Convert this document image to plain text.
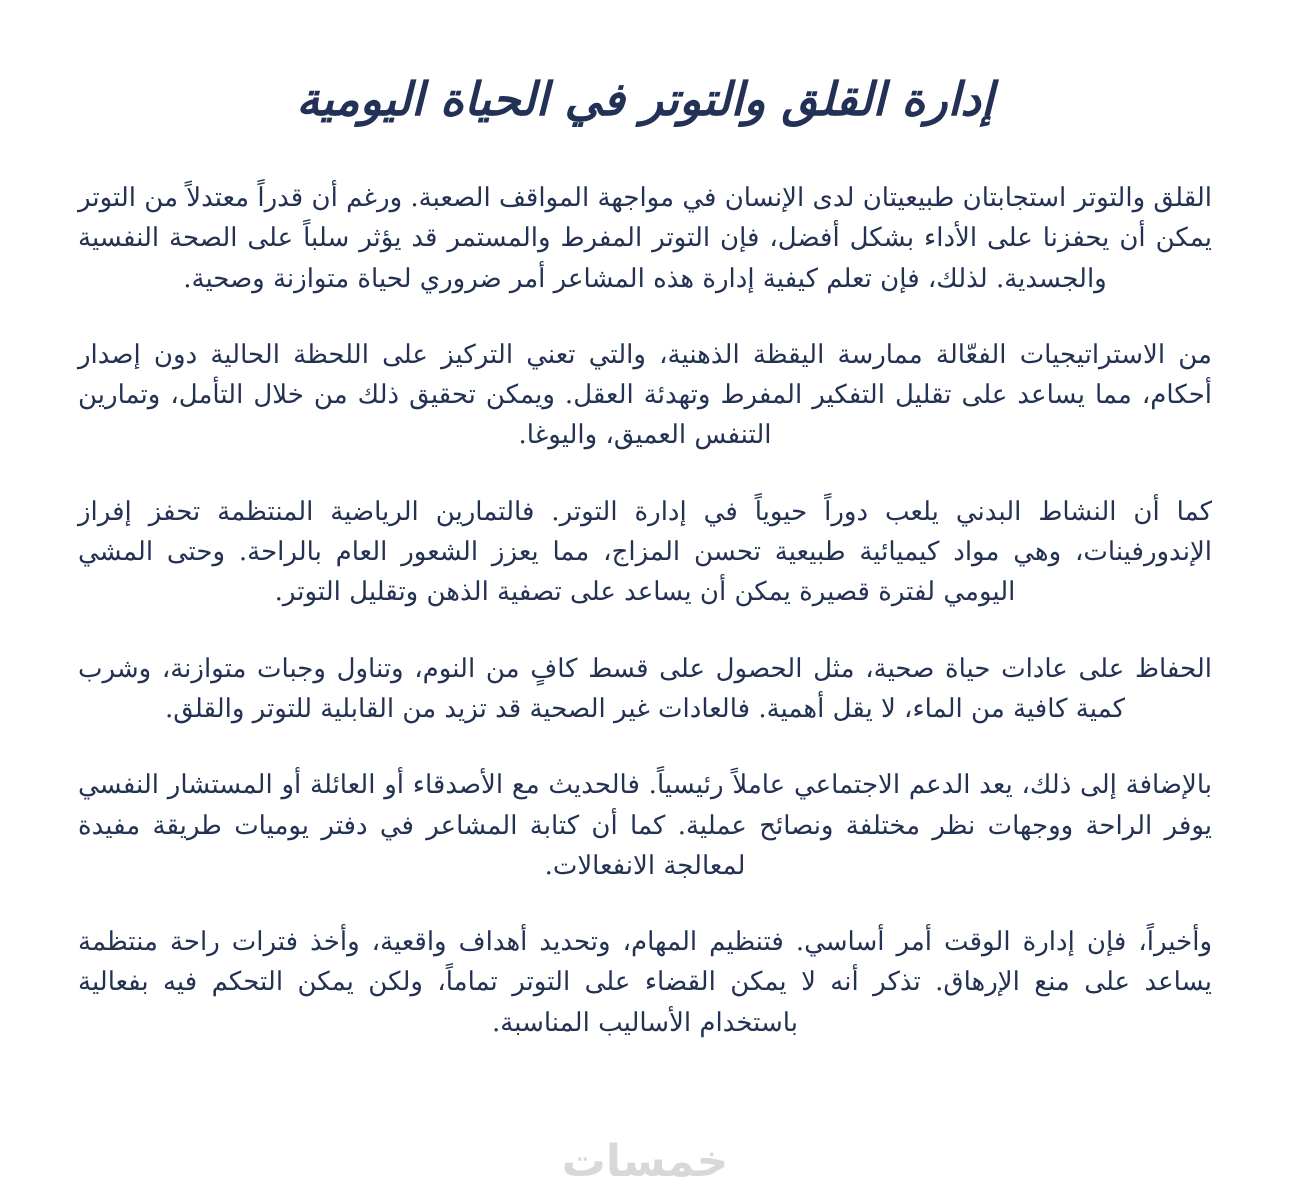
إدارة القلق والتوتر في الحياة اليومية

القلق والتوتر استجابتان طبيعيتان لدى الإنسان في مواجهة المواقف الصعبة. ورغم أن قدراً معتدلاً من التوتر يمكن أن يحفزنا على الأداء بشكل أفضل، فإن التوتر المفرط والمستمر قد يؤثر سلباً على الصحة النفسية والجسدية. لذلك، فإن تعلم كيفية إدارة هذه المشاعر أمر ضروري لحياة متوازنة وصحية.

من الاستراتيجيات الفعّالة ممارسة اليقظة الذهنية، والتي تعني التركيز على اللحظة الحالية دون إصدار أحكام، مما يساعد على تقليل التفكير المفرط وتهدئة العقل. ويمكن تحقيق ذلك من خلال التأمل، وتمارين التنفس العميق، واليوغا.

كما أن النشاط البدني يلعب دوراً حيوياً في إدارة التوتر. فالتمارين الرياضية المنتظمة تحفز إفراز الإندورفينات، وهي مواد كيميائية طبيعية تحسن المزاج، مما يعزز الشعور العام بالراحة. وحتى المشي اليومي لفترة قصيرة يمكن أن يساعد على تصفية الذهن وتقليل التوتر.

الحفاظ على عادات حياة صحية، مثل الحصول على قسط كافٍ من النوم، وتناول وجبات متوازنة، وشرب كمية كافية من الماء، لا يقل أهمية. فالعادات غير الصحية قد تزيد من القابلية للتوتر والقلق.

بالإضافة إلى ذلك، يعد الدعم الاجتماعي عاملاً رئيسياً. فالحديث مع الأصدقاء أو العائلة أو المستشار النفسي يوفر الراحة ووجهات نظر مختلفة ونصائح عملية. كما أن كتابة المشاعر في دفتر يوميات طريقة مفيدة لمعالجة الانفعالات.

وأخيراً، فإن إدارة الوقت أمر أساسي. فتنظيم المهام، وتحديد أهداف واقعية، وأخذ فترات راحة منتظمة يساعد على منع الإرهاق. تذكر أنه لا يمكن القضاء على التوتر تماماً، ولكن يمكن التحكم فيه بفعالية باستخدام الأساليب المناسبة.

خمسات
